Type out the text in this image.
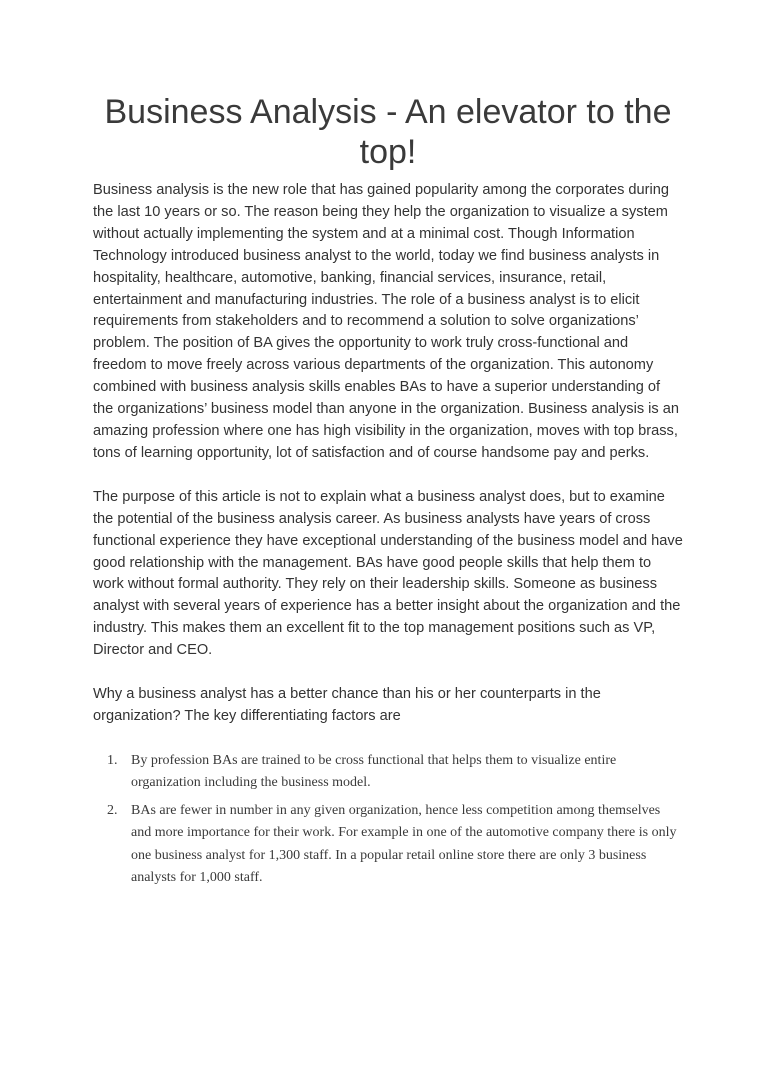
Business Analysis - An elevator to the top!

Business analysis is the new role that has gained popularity among the corporates during the last 10 years or so. The reason being they help the organization to visualize a system without actually implementing the system and at a minimal cost. Though Information Technology introduced business analyst to the world, today we find business analysts in hospitality, healthcare, automotive, banking, financial services, insurance, retail, entertainment and manufacturing industries. The role of a business analyst is to elicit requirements from stakeholders and to recommend a solution to solve organizations’ problem. The position of BA gives the opportunity to work truly cross-functional and freedom to move freely across various departments of the organization. This autonomy combined with business analysis skills enables BAs to have a superior understanding of the organizations’ business model than anyone in the organization. Business analysis is an amazing profession where one has high visibility in the organization, moves with top brass, tons of learning opportunity, lot of satisfaction and of course handsome pay and perks.

The purpose of this article is not to explain what a business analyst does, but to examine the potential of the business analysis career. As business analysts have years of cross functional experience they have exceptional understanding of the business model and have good relationship with the management. BAs have good people skills that help them to work without formal authority. They rely on their leadership skills. Someone as business analyst with several years of experience has a better insight about the organization and the industry. This makes them an excellent fit to the top management positions such as VP, Director and CEO.

Why a business analyst has a better chance than his or her counterparts in the organization? The key differentiating factors are

1. By profession BAs are trained to be cross functional that helps them to visualize entire organization including the business model.
2. BAs are fewer in number in any given organization, hence less competition among themselves and more importance for their work. For example in one of the automotive company there is only one business analyst for 1,300 staff. In a popular retail online store there are only 3 business analysts for 1,000 staff.
